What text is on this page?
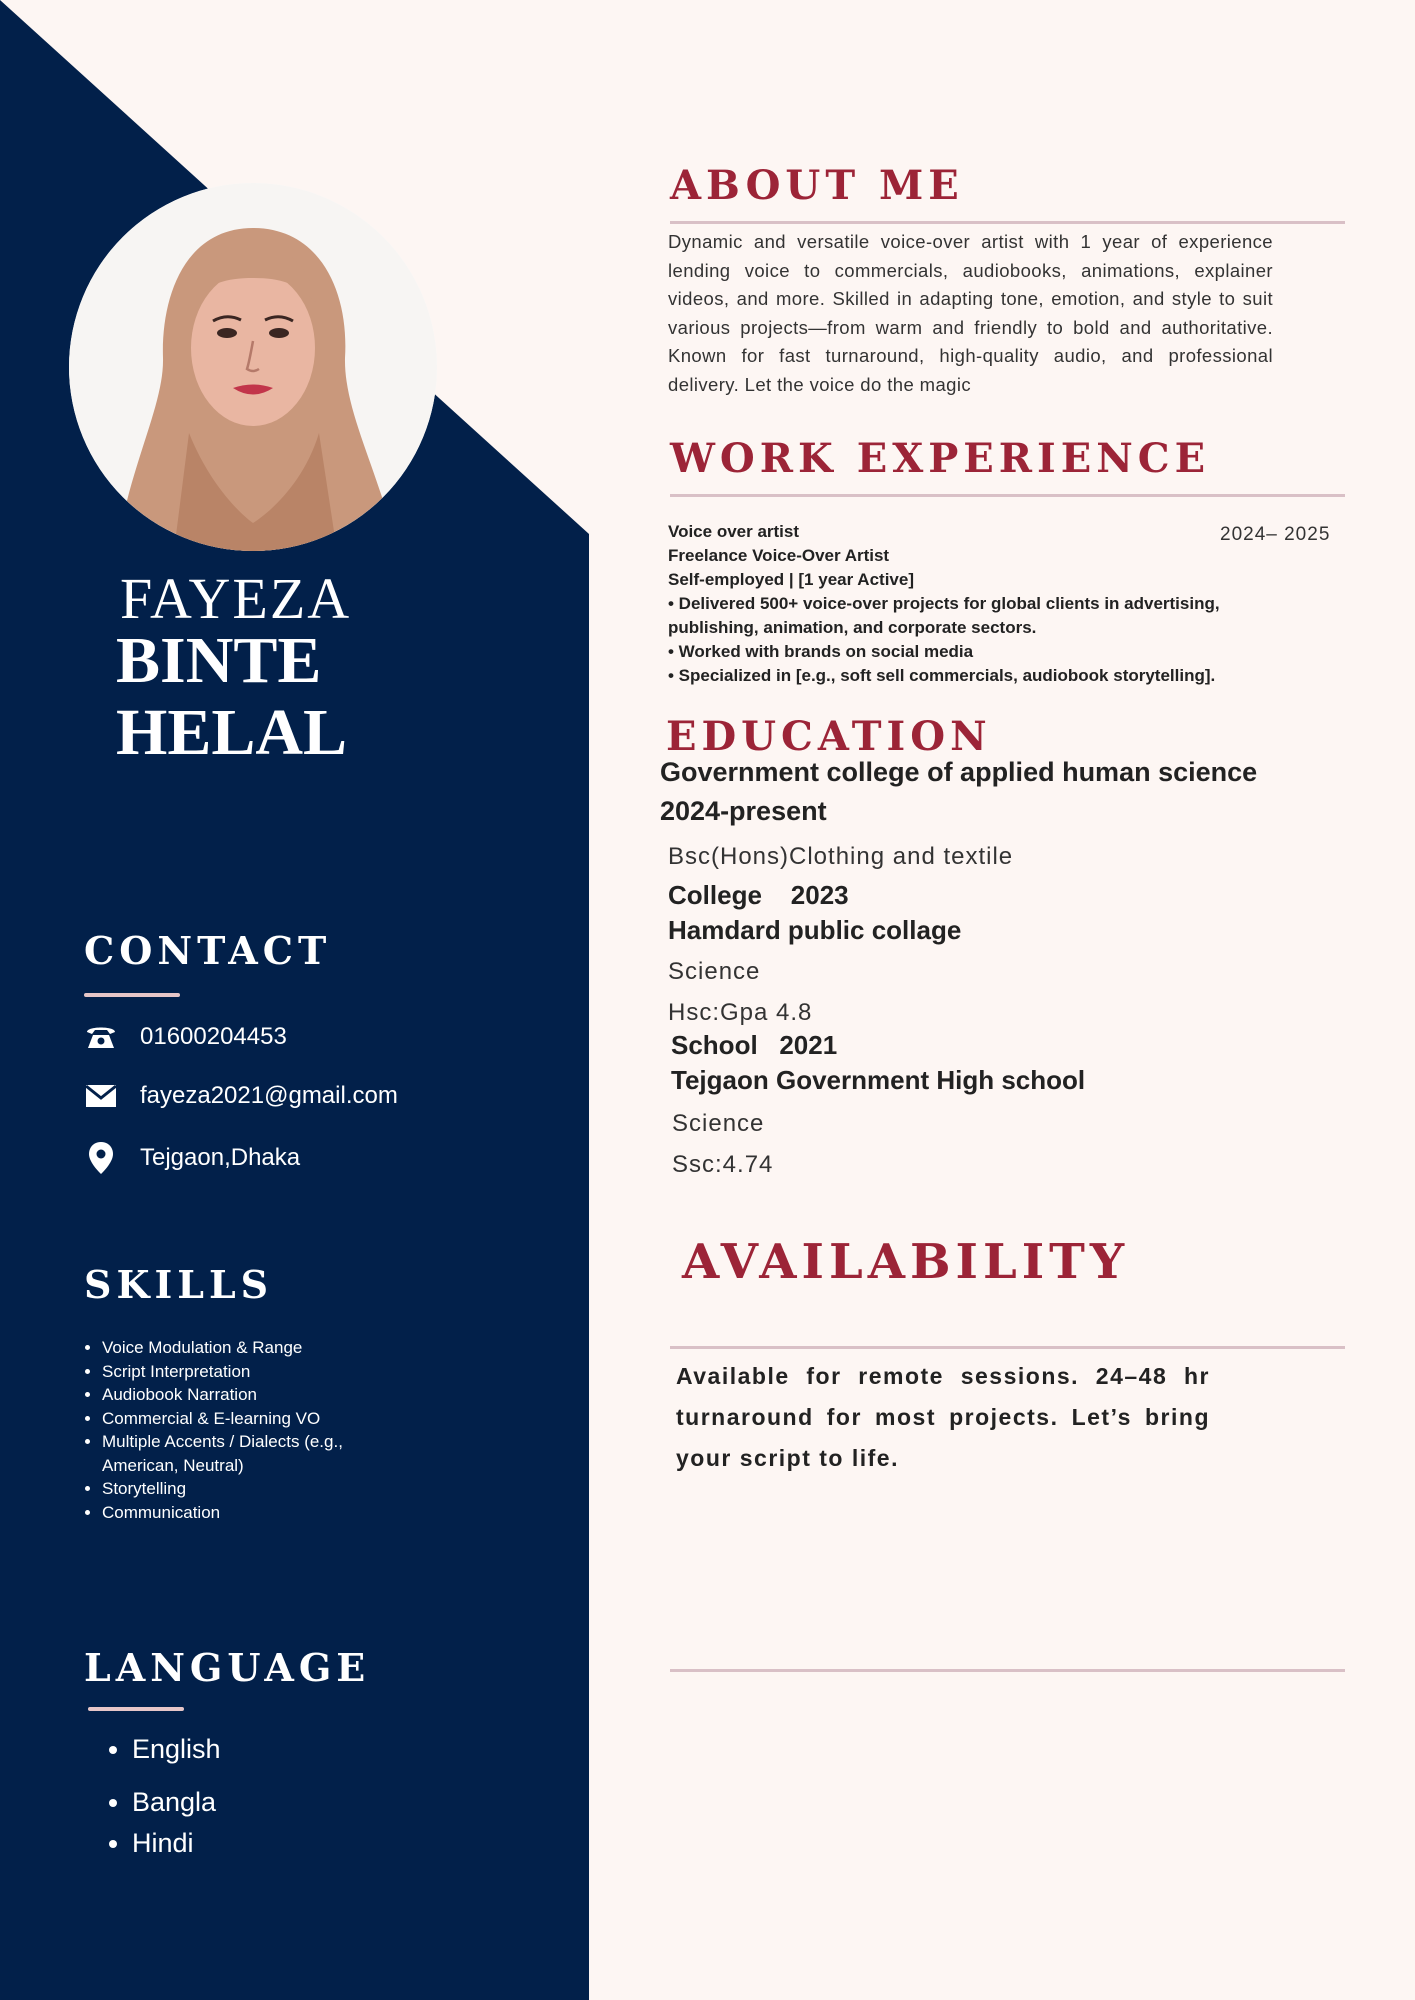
FAYEZA
BINTE
HELAL
CONTACT
01600204453
fayeza2021@gmail.com
Tejgaon,Dhaka
SKILLS
• Voice Modulation & Range
• Script Interpretation
• Audiobook Narration
• Commercial & E-learning VO
• Multiple Accents / Dialects (e.g., American, Neutral)
• Storytelling
• Communication
LANGUAGE
• English
• Bangla
• Hindi
ABOUT ME
Dynamic and versatile voice-over artist with 1 year of experience lending voice to commercials, audiobooks, animations, explainer videos, and more. Skilled in adapting tone, emotion, and style to suit various projects—from warm and friendly to bold and authoritative. Known for fast turnaround, high-quality audio, and professional delivery. Let the voice do the magic
WORK EXPERIENCE
2024– 2025
Voice over artist
Freelance Voice-Over Artist
Self-employed | [1 year Active]
• Delivered 500+ voice-over projects for global clients in advertising,
publishing, animation, and corporate sectors.
• Worked with brands on social media
• Specialized in [e.g., soft sell commercials, audiobook storytelling].
EDUCATION
Government college of applied human science
2024-present
Bsc(Hons)Clothing and textile
College    2023
Hamdard public collage
Science
Hsc:Gpa 4.8
School   2021
Tejgaon Government High school
Science
Ssc:4.74
AVAILABILITY
Available for remote sessions. 24–48 hr turnaround for most projects. Let’s bring your script to life.
